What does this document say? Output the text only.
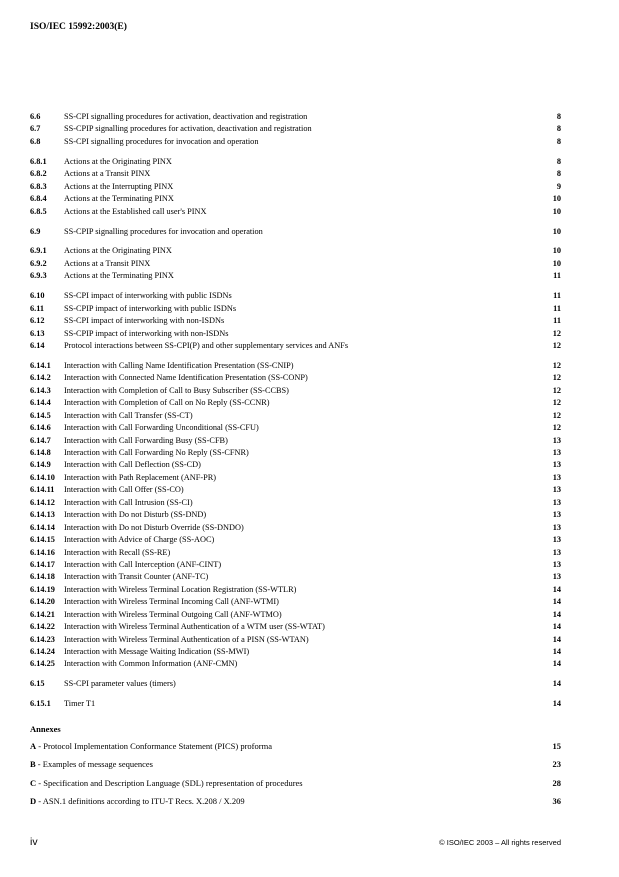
ISO/IEC 15992:2003(E)
6.6	SS-CPI signalling procedures for activation, deactivation and registration	8
6.7	SS-CPIP signalling procedures for activation, deactivation and registration	8
6.8	SS-CPI signalling procedures for invocation and operation	8
6.8.1 Actions at the Originating PINX	8
6.8.2 Actions at a Transit PINX	8
6.8.3 Actions at the Interrupting PINX	9
6.8.4 Actions at the Terminating PINX	10
6.8.5 Actions at the Established call user's PINX	10
6.9	SS-CPIP signalling procedures for invocation and operation	10
6.9.1 Actions at the Originating PINX	10
6.9.2 Actions at a Transit PINX	10
6.9.3 Actions at the Terminating PINX	11
6.10 SS-CPI impact of interworking with public ISDNs	11
6.11 SS-CPIP impact of interworking with public ISDNs	11
6.12 SS-CPI impact of interworking with non-ISDNs	11
6.13 SS-CPIP impact of interworking with non-ISDNs	12
6.14 Protocol interactions between SS-CPI(P) and other supplementary services and ANFs	12
6.14.1 Interaction with Calling Name Identification Presentation (SS-CNIP)	12
6.14.2 Interaction with Connected Name Identification Presentation (SS-CONP)	12
6.14.3 Interaction with Completion of Call to Busy Subscriber (SS-CCBS)	12
6.14.4 Interaction with Completion of Call on No Reply (SS-CCNR)	12
6.14.5 Interaction with Call Transfer (SS-CT)	12
6.14.6 Interaction with Call Forwarding Unconditional (SS-CFU)	12
6.14.7 Interaction with Call Forwarding Busy (SS-CFB)	13
6.14.8 Interaction with Call Forwarding No Reply (SS-CFNR)	13
6.14.9 Interaction with Call Deflection (SS-CD)	13
6.14.10 Interaction with Path Replacement (ANF-PR)	13
6.14.11 Interaction with Call Offer (SS-CO)	13
6.14.12 Interaction with Call Intrusion (SS-CI)	13
6.14.13 Interaction with Do not Disturb (SS-DND)	13
6.14.14 Interaction with Do not Disturb Override (SS-DNDO)	13
6.14.15 Interaction with Advice of Charge (SS-AOC)	13
6.14.16 Interaction with Recall (SS-RE)	13
6.14.17 Interaction with Call Interception (ANF-CINT)	13
6.14.18 Interaction with Transit Counter (ANF-TC)	13
6.14.19 Interaction with Wireless Terminal Location Registration (SS-WTLR)	14
6.14.20 Interaction with Wireless Terminal Incoming Call (ANF-WTMI)	14
6.14.21 Interaction with Wireless Terminal Outgoing Call (ANF-WTMO)	14
6.14.22 Interaction with Wireless Terminal Authentication of a WTM user (SS-WTAT)	14
6.14.23 Interaction with Wireless Terminal Authentication of a PISN (SS-WTAN)	14
6.14.24 Interaction with Message Waiting Indication (SS-MWI)	14
6.14.25 Interaction with Common Information (ANF-CMN)	14
6.15 SS-CPI parameter values (timers)	14
6.15.1 Timer T1	14
Annexes
A - Protocol Implementation Conformance Statement (PICS) proforma	15
B - Examples of message sequences	23
C - Specification and Description Language (SDL) representation of procedures	28
D - ASN.1 definitions according to ITU-T Recs. X.208 / X.209	36
iv	© ISO/IEC 2003 – All rights reserved
